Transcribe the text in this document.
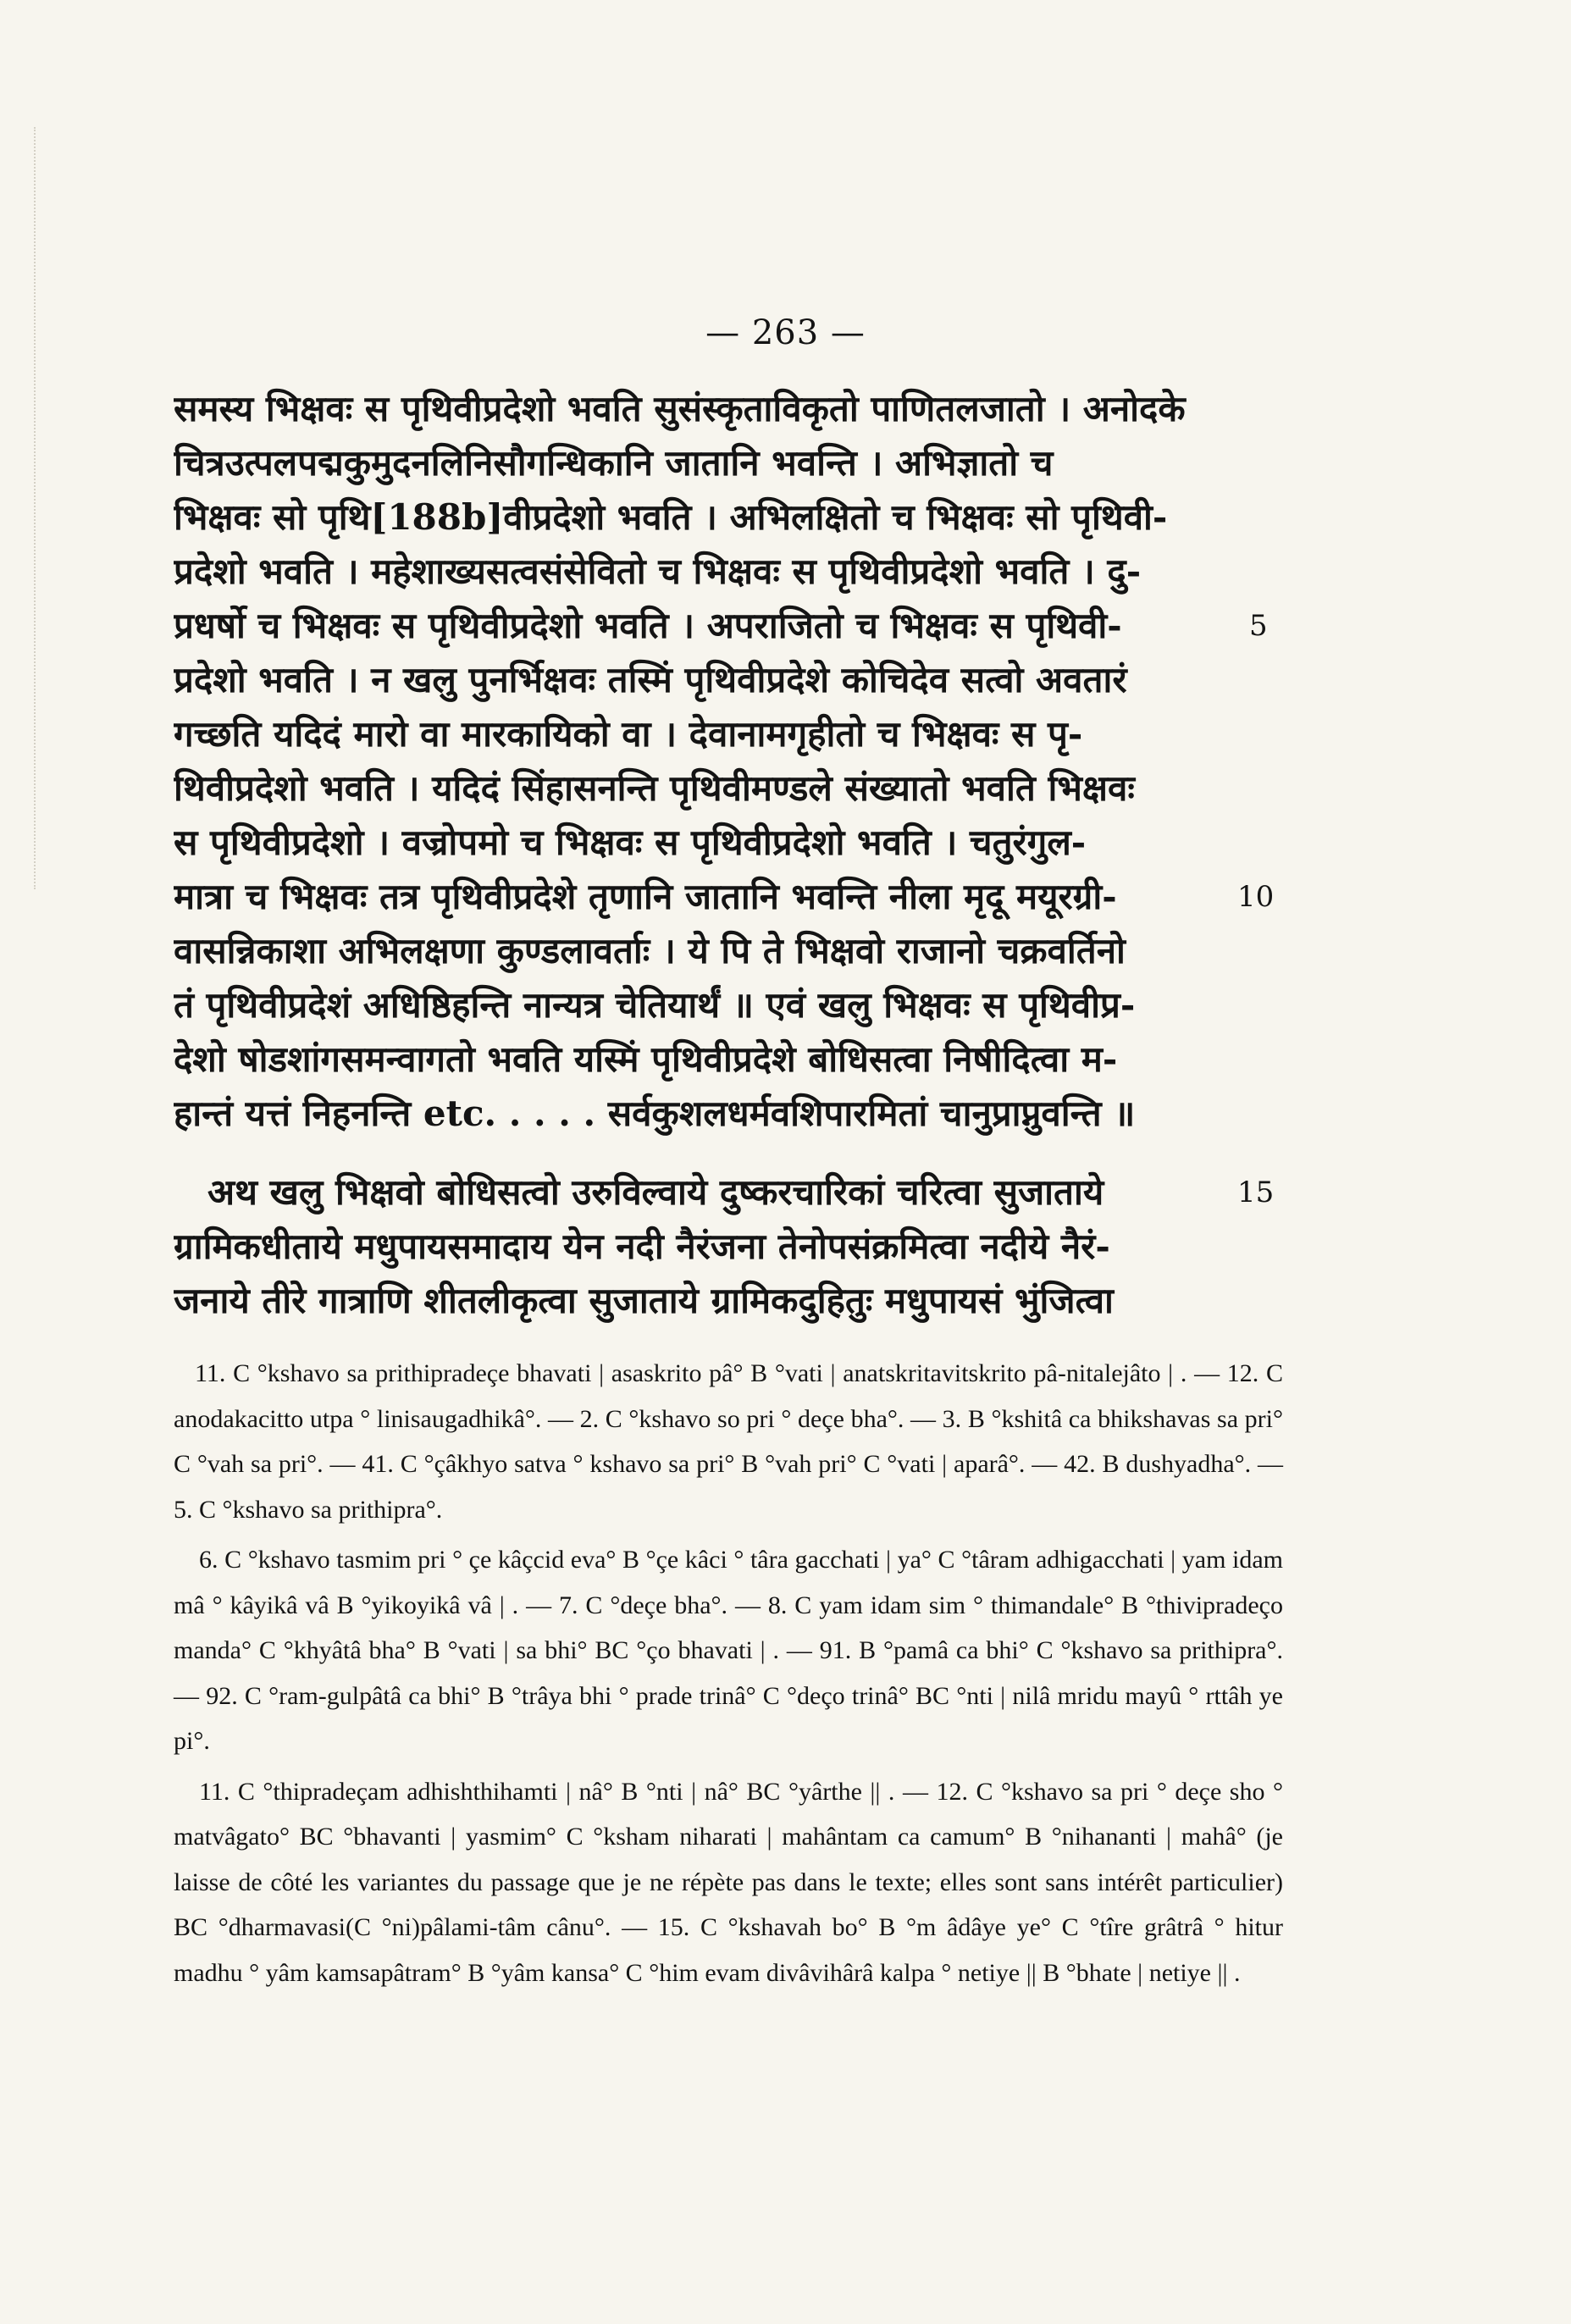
— 263 —
समस्य भिक्षवः स पृथिवीप्रदेशो भवति सुसंस्कृताविकृतो पाणितलजातो । अनोदके
चित्रउत्पलपद्मकुमुदनलिनिसौगन्धिकानि जातानि भवन्ति । अभिज्ञातो च
भिक्षवः सो पृथि[188b]वीप्रदेशो भवति । अभिलक्षितो च भिक्षवः सो पृथिवी-
प्रदेशो भवति । महेशाख्यसत्वसंसेवितो च भिक्षवः स पृथिवीप्रदेशो भवति । दु-
प्रधर्षो च भिक्षवः स पृथिवीप्रदेशो भवति । अपराजितो च भिक्षवः स पृथिवी-
प्रदेशो भवति । न खलु पुनर्भिक्षवः तस्मिं पृथिवीप्रदेशे कोचिदेव सत्वो अवतारं
गच्छति यदिदं मारो वा मारकायिको वा । देवानामगृहीतो च भिक्षवः स पृ-
थिवीप्रदेशो भवति । यदिदं सिंहासनन्ति पृथिवीमण्डले संख्यातो भवति भिक्षवः
स पृथिवीप्रदेशो । वज्रोपमो च भिक्षवः स पृथिवीप्रदेशो भवति । चतुरंगुल-
मात्रा च भिक्षवः तत्र पृथिवीप्रदेशे तृणानि जातानि भवन्ति नीला मृदू मयूरग्री-
वासन्निकाशा अभिलक्षणा कुण्डलावर्ताः । ये पि ते भिक्षवो राजानो चक्रवर्तिनो
तं पृथिवीप्रदेशं अधिष्ठिहन्ति नान्यत्र चेतियार्थं ॥ एवं खलु भिक्षवः स पृथिवीप्र-
देशो षोडशांगसमन्वागतो भवति यस्मिं पृथिवीप्रदेशे बोधिसत्वा निषीदित्वा म-
हान्तं यत्तं निहनन्ति etc. . . . . सर्वकुशलधर्मवशिपारमितां चानुप्राप्नुवन्ति ॥
अथ खलु भिक्षवो बोधिसत्वो उरुविल्वाये दुष्करचारिकां चरित्वा सुजाताये
ग्रामिकधीताये मधुपायसमादाय येन नदी नैरंजना तेनोपसंक्रमित्वा नदीये नैरं-
जनाये तीरे गात्राणि शीतलीकृत्वा सुजाताये ग्रामिकदुहितुः मधुपायसं भुंजित्वा
5
10
15

11. C °kshavo sa prithipradeçe bhavati | asaskrito pâ° B °vati | anatskritavitskrito pâ-nitalejâto | . — 12. C anodakacitto utpa ° linisaugadhikâ°. — 2. C °kshavo so pri ° deçe bha°. — 3. B °kshitâ ca bhikshavas sa pri° C °vah sa pri°. — 41. C °çâkhyo satva ° kshavo sa pri° B °vah pri° C °vati | aparâ°. — 42. B dushyadha°. — 5. C °kshavo sa prithipra°.

6. C °kshavo tasmim pri ° çe kâçcid eva° B °çe kâci ° târa gacchati | ya° C °târam adhigacchati | yam idam mâ ° kâyikâ vâ B °yikoyikâ vâ | . — 7. C °deçe bha°. — 8. C yam idam sim ° thimandale° B °thivipradeço manda° C °khyâtâ bha° B °vati | sa bhi° BC °ço bhavati | . — 91. B °pamâ ca bhi° C °kshavo sa prithipra°. — 92. C °ram-gulpâtâ ca bhi° B °trâya bhi ° prade trinâ° C °deço trinâ° BC °nti | nilâ mridu mayû ° rttâh ye pi°.

11. C °thipradeçam adhishthihamti | nâ° B °nti | nâ° BC °yârthe || . — 12. C °kshavo sa pri ° deçe sho ° matvâgato° BC °bhavanti | yasmim° C °ksham niharati | mahântam ca camum° B °nihananti | mahâ° (je laisse de côté les variantes du passage que je ne répète pas dans le texte; elles sont sans intérêt particulier) BC °dharmavasi(C °ni)pâlami-tâm cânu°. — 15. C °kshavah bo° B °m âdâye ye° C °tîre grâtrâ ° hitur madhu ° yâm kamsapâtram° B °yâm kansa° C °him evam divâvihârâ kalpa ° netiye || B °bhate | netiye || .
